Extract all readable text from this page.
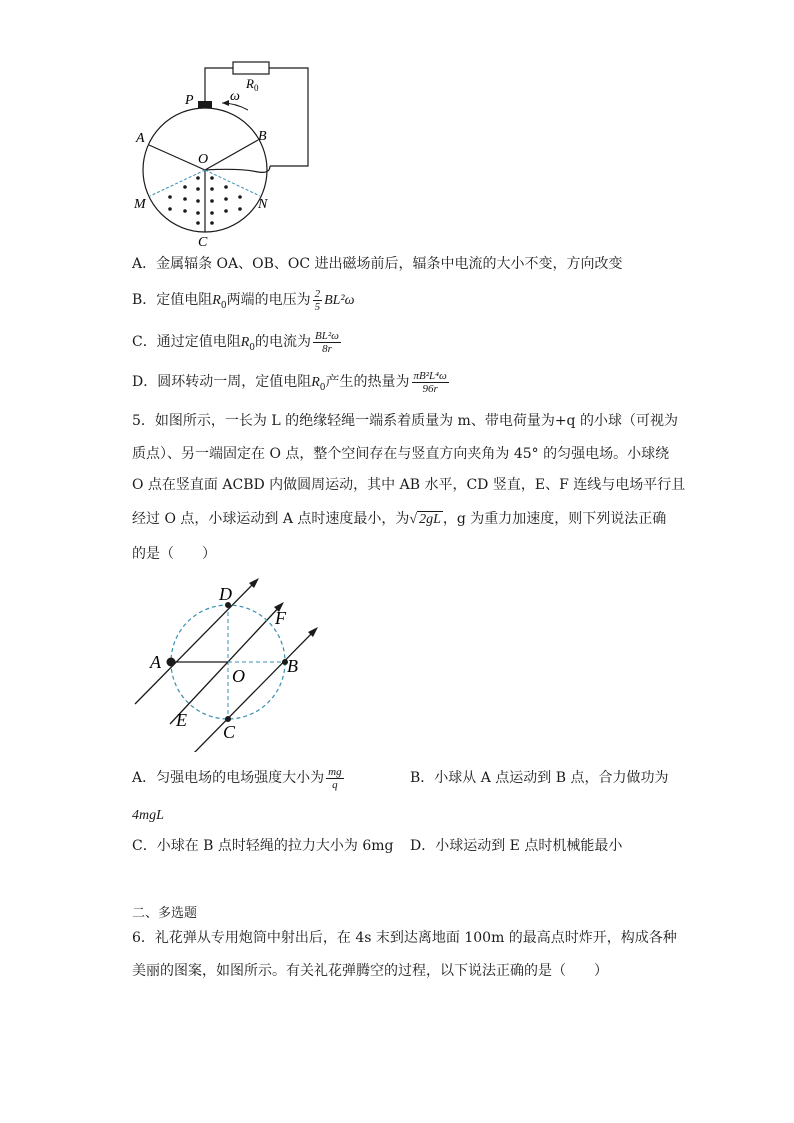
P
$R_0$
ω
A	B
O
M	N
C
A．金属辐条 OA、OB、OC 进出磁场前后，辐条中电流的大小不变，方向改变
B．定值电阻$R_0$两端的电压为 $\frac{2}{5} BL^2\omega$
C．通过定值电阻$R_0$的电流为 $\frac{\text{BL²ω}}{8r}$
D．圆环转动一周，定值电阻$R_0$产生的热量为 $\frac{\text{πB²L⁴ω}}{96r}$
5．如图所示，一长为 L 的绝缘轻绳一端系着质量为 m、带电荷量为+q 的小球（可视为
质点）、另一端固定在 O 点，整个空间存在与竖直方向夹角为 45° 的匀强电场。小球绕
O 点在竖直面 ACBD 内做圆周运动，其中 AB 水平，CD 竖直，E、F 连线与电场平行且
经过 O 点，小球运动到 A 点时速度最小，为√ 2gL ，g 为重力加速度，则下列说法正确
的是（　　）
D
F
A
O B
E
C
A．匀强电场的电场强度大小为 $\frac{mg}{q}$	B．小球从 A 点运动到 B 点，合力做功为
4mgL
C．小球在 B 点时轻绳的拉力大小为 6mg D．小球运动到 E 点时机械能最小
二、多选题
6．礼花弹从专用炮筒中射出后，在 4s 末到达离地面 100m 的最高点时炸开，构成各种
美丽的图案，如图所示。有关礼花弹腾空的过程，以下说法正确的是（　　）
